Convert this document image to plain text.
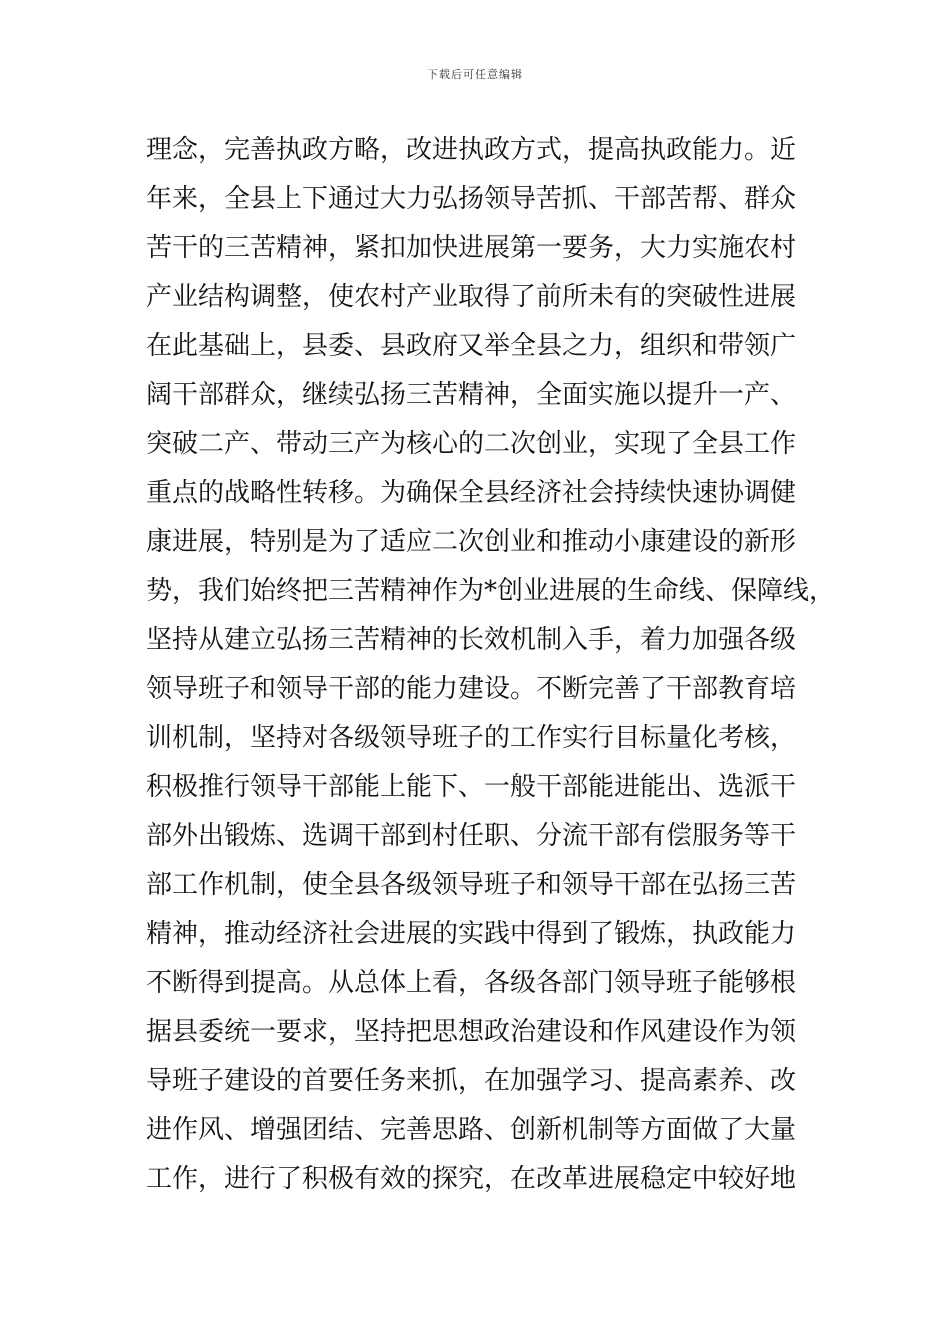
下载后可任意编辑
理念，完善执政方略，改进执政方式，提高执政能力。近
年来，全县上下通过大力弘扬领导苦抓、干部苦帮、群众
苦干的三苦精神，紧扣加快进展第一要务，大力实施农村
产业结构调整，使农村产业取得了前所未有的突破性进展
在此基础上，县委、县政府又举全县之力，组织和带领广
阔干部群众，继续弘扬三苦精神，全面实施以提升一产、
突破二产、带动三产为核心的二次创业，实现了全县工作
重点的战略性转移。为确保全县经济社会持续快速协调健
康进展，特别是为了适应二次创业和推动小康建设的新形
势，我们始终把三苦精神作为*创业进展的生命线、保障线，
坚持从建立弘扬三苦精神的长效机制入手，着力加强各级
领导班子和领导干部的能力建设。不断完善了干部教育培
训机制，坚持对各级领导班子的工作实行目标量化考核，
积极推行领导干部能上能下、一般干部能进能出、选派干
部外出锻炼、选调干部到村任职、分流干部有偿服务等干
部工作机制，使全县各级领导班子和领导干部在弘扬三苦
精神，推动经济社会进展的实践中得到了锻炼，执政能力
不断得到提高。从总体上看，各级各部门领导班子能够根
据县委统一要求，坚持把思想政治建设和作风建设作为领
导班子建设的首要任务来抓，在加强学习、提高素养、改
进作风、增强团结、完善思路、创新机制等方面做了大量
工作，进行了积极有效的探究，在改革进展稳定中较好地
